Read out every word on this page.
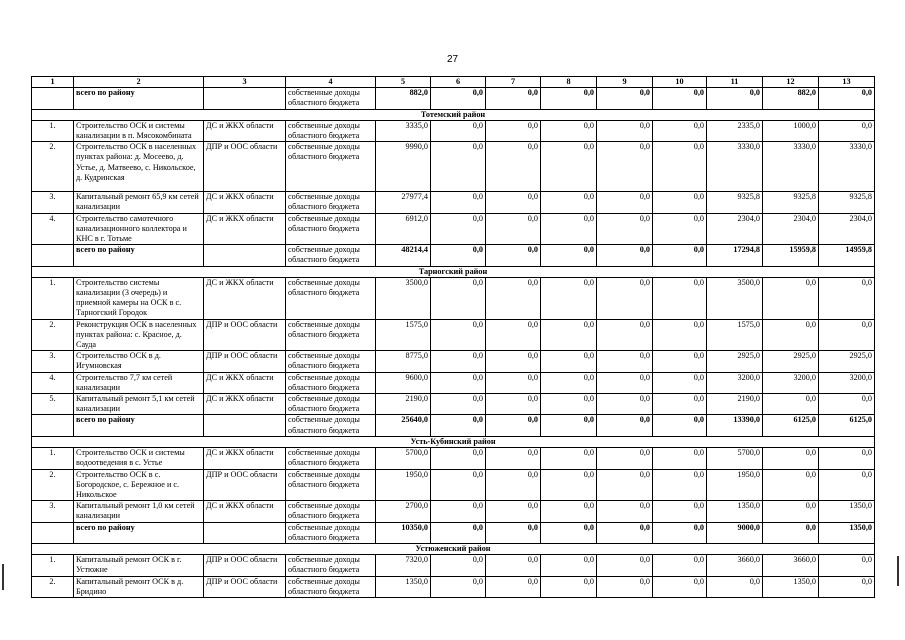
27
1	2	3	4	5	6	7	8	9	10	11	12	13
	всего по району		собственные доходы областного бюджета	882,0	0,0	0,0	0,0	0,0	0,0	0,0	882,0	0,0
Тотемский район												
1.	Строительство ОСК и системы канализации в п. Мясокомбината	ДС и ЖКХ области	собственные доходы областного бюджета	3335,0	0,0	0,0	0,0	0,0	0,0	2335,0	1000,0	0,0
2.	Строительство ОСК в населенных пунктах района: д. Мосеево, д. Устье, д. Матвеево, с. Никольское, д. Кудринская	ДПР и ООС области	собственные доходы областного бюджета	9990,0	0,0	0,0	0,0	0,0	0,0	3330,0	3330,0	3330,0
3.	Капитальный ремонт 65,9 км сетей канализации	ДС и ЖКХ области	собственные доходы областного бюджета	27977,4	0,0	0,0	0,0	0,0	0,0	9325,8	9325,8	9325,8
4.	Строительство самотечного канализационного коллектора и КНС в г. Тотьме	ДС и ЖКХ области	собственные доходы областного бюджета	6912,0	0,0	0,0	0,0	0,0	0,0	2304,0	2304,0	2304,0
	всего по району		собственные доходы областного бюджета	48214,4	0,0	0,0	0,0	0,0	0,0	17294,8	15959,8	14959,8
Тарногский район												
1.	Строительство системы канализации (3 очередь) и приемной камеры на ОСК в с. Тарногский Городок	ДС и ЖКХ области	собственные доходы областного бюджета	3500,0	0,0	0,0	0,0	0,0	0,0	3500,0	0,0	0,0
2.	Реконструкция ОСК в населенных пунктах района: с. Красное, д. Сауда	ДПР и ООС области	собственные доходы областного бюджета	1575,0	0,0	0,0	0,0	0,0	0,0	1575,0	0,0	0,0
3.	Строительство ОСК в д. Игумновская	ДПР и ООС области	собственные доходы областного бюджета	8775,0	0,0	0,0	0,0	0,0	0,0	2925,0	2925,0	2925,0
4.	Строительство 7,7 км сетей канализации	ДС и ЖКХ области	собственные доходы областного бюджета	9600,0	0,0	0,0	0,0	0,0	0,0	3200,0	3200,0	3200,0
5.	Капитальный ремонт 5,1 км сетей канализации	ДС и ЖКХ области	собственные доходы областного бюджета	2190,0	0,0	0,0	0,0	0,0	0,0	2190,0	0,0	0,0
	всего по району		собственные доходы областного бюджета	25640,0	0,0	0,0	0,0	0,0	0,0	13390,0	6125,0	6125,0
Усть-Кубинский район												
1.	Строительство ОСК и системы водоотведения в с. Устье	ДС и ЖКХ области	собственные доходы областного бюджета	5700,0	0,0	0,0	0,0	0,0	0,0	5700,0	0,0	0,0
2.	Строительство ОСК в с. Богородское, с. Бережное и с. Никольское	ДПР и ООС области	собственные доходы областного бюджета	1950,0	0,0	0,0	0,0	0,0	0,0	1950,0	0,0	0,0
3.	Капитальный ремонт 1,0 км сетей канализации	ДС и ЖКХ области	собственные доходы областного бюджета	2700,0	0,0	0,0	0,0	0,0	0,0	1350,0	0,0	1350,0
	всего по району		собственные доходы областного бюджета	10350,0	0,0	0,0	0,0	0,0	0,0	9000,0	0,0	1350,0
Устюженский район												
1.	Капитальный ремонт ОСК в г. Устюжне	ДПР и ООС области	собственные доходы областного бюджета	7320,0	0,0	0,0	0,0	0,0	0,0	3660,0	3660,0	0,0
2.	Капитальный ремонт ОСК в д. Бридино	ДПР и ООС области	собственные доходы областного бюджета	1350,0	0,0	0,0	0,0	0,0	0,0	0,0	1350,0	0,0
